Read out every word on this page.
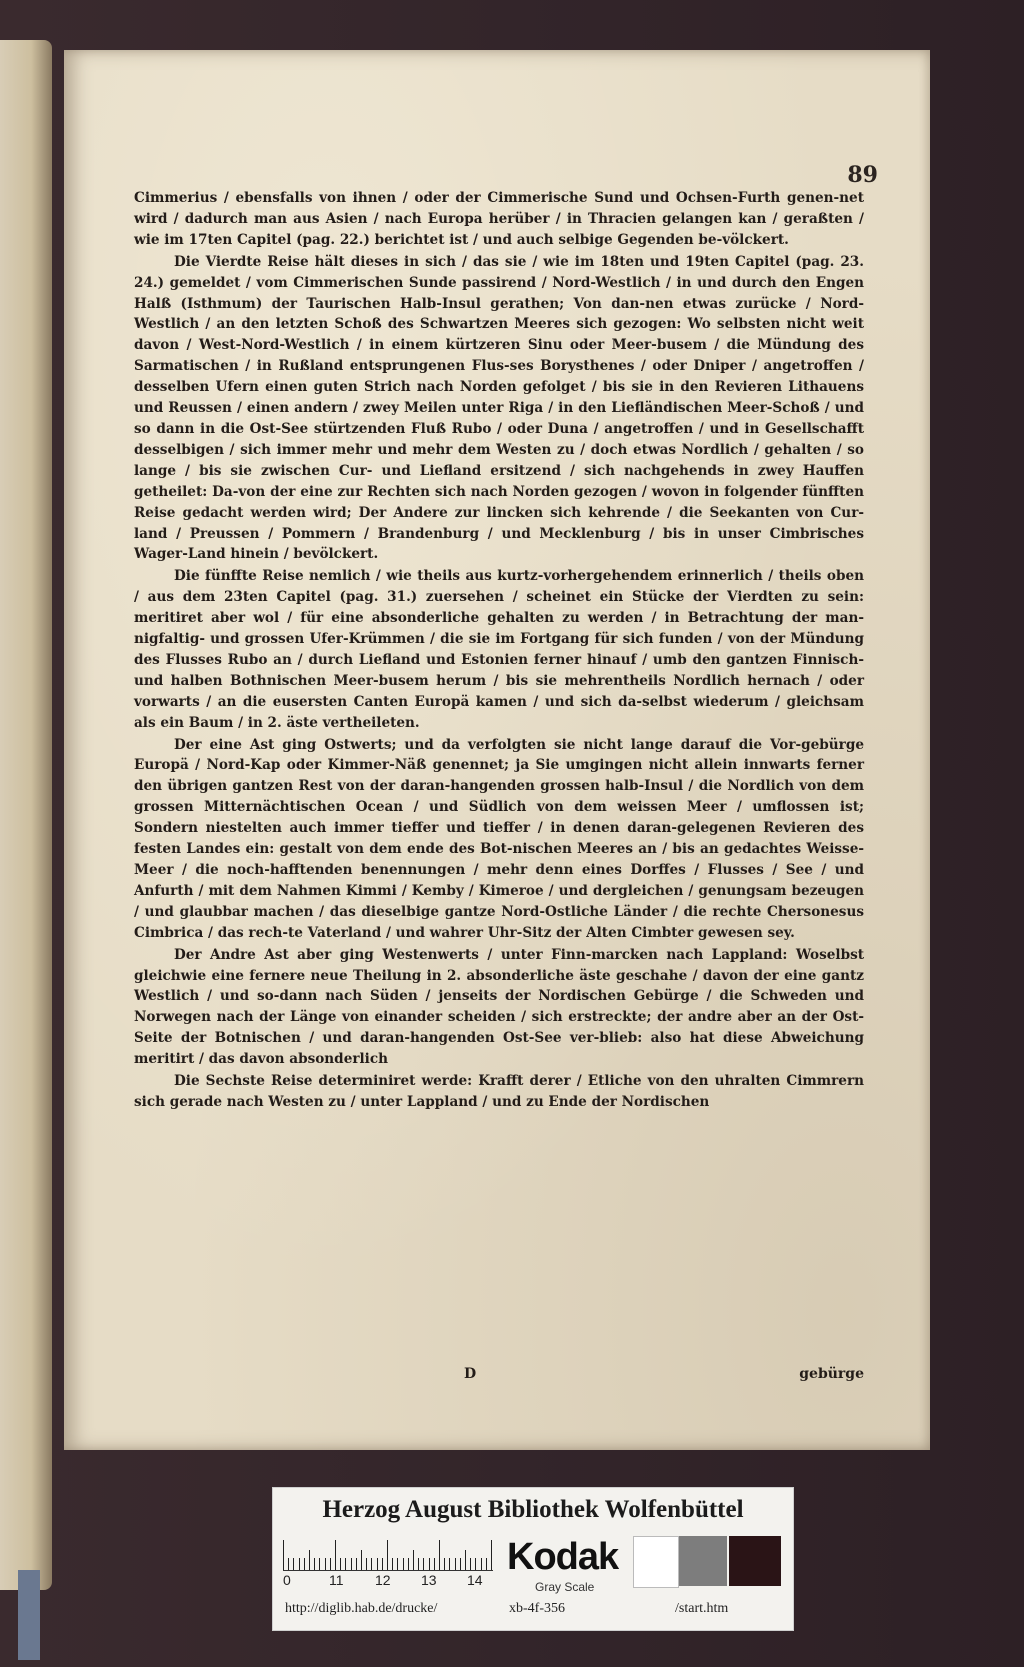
89

Cimmerius / ebensfalls von ihnen / oder der Cimmerische Sund und Ochsen-Furth genen-net wird / dadurch man aus Asien / nach Europa herüber / in Thracien gelangen kan / geraßten / wie im 17ten Capitel (pag. 22.) berichtet ist / und auch selbige Gegenden be-völckert.

Die Vierdte Reise hält dieses in sich / das sie / wie im 18ten und 19ten Capitel (pag. 23. 24.) gemeldet / vom Cimmerischen Sunde passirend / Nord-Westlich / in und durch den Engen Halß (Isthmum) der Taurischen Halb-Insul gerathen; Von dan-nen etwas zurücke / Nord-Westlich / an den letzten Schoß des Schwartzen Meeres sich gezogen: Wo selbsten nicht weit davon / West-Nord-Westlich / in einem kürtzeren Sinu oder Meer-busem / die Mündung des Sarmatischen / in Rußland entsprungenen Flus-ses Borysthenes / oder Dniper / angetroffen / desselben Ufern einen guten Strich nach Norden gefolget / bis sie in den Revieren Lithauens und Reussen / einen andern / zwey Meilen unter Riga / in den Liefländischen Meer-Schoß / und so dann in die Ost-See stürtzenden Fluß Rubo / oder Duna / angetroffen / und in Gesellschafft desselbigen / sich immer mehr und mehr dem Westen zu / doch etwas Nordlich / gehalten / so lange / bis sie zwischen Cur- und Liefland ersitzend / sich nachgehends in zwey Hauffen getheilet: Da-von der eine zur Rechten sich nach Norden gezogen / wovon in folgender fünfften Reise gedacht werden wird; Der Andere zur lincken sich kehrende / die Seekanten von Cur-land / Preussen / Pommern / Brandenburg / und Mecklenburg / bis in unser Cimbrisches Wager-Land hinein / bevölckert.

Die fünffte Reise nemlich / wie theils aus kurtz-vorhergehendem erinnerlich / theils oben / aus dem 23ten Capitel (pag. 31.) zuersehen / scheinet ein Stücke der Vierdten zu sein: meritiret aber wol / für eine absonderliche gehalten zu werden / in Betrachtung der man-nigfaltig- und grossen Ufer-Krümmen / die sie im Fortgang für sich funden / von der Mündung des Flusses Rubo an / durch Liefland und Estonien ferner hinauf / umb den gantzen Finnisch- und halben Bothnischen Meer-busem herum / bis sie mehrentheils Nordlich hernach / oder vorwarts / an die eusersten Canten Europä kamen / und sich da-selbst wiederum / gleichsam als ein Baum / in 2. äste vertheileten.

Der eine Ast ging Ostwerts; und da verfolgten sie nicht lange darauf die Vor-gebürge Europä / Nord-Kap oder Kimmer-Näß genennet; ja Sie umgingen nicht allein innwarts ferner den übrigen gantzen Rest von der daran-hangenden grossen halb-Insul / die Nordlich von dem grossen Mitternächtischen Ocean / und Südlich von dem weissen Meer / umflossen ist; Sondern niestelten auch immer tieffer und tieffer / in denen daran-gelegenen Revieren des festen Landes ein: gestalt von dem ende des Bot-nischen Meeres an / bis an gedachtes Weisse-Meer / die noch-hafftenden benennungen / mehr denn eines Dorffes / Flusses / See / und Anfurth / mit dem Nahmen Kimmi / Kemby / Kimeroe / und dergleichen / genungsam bezeugen / und glaubbar machen / das dieselbige gantze Nord-Ostliche Länder / die rechte Chersonesus Cimbrica / das rech-te Vaterland / und wahrer Uhr-Sitz der Alten Cimbter gewesen sey.

Der Andre Ast aber ging Westenwerts / unter Finn-marcken nach Lappland: Woselbst gleichwie eine fernere neue Theilung in 2. absonderliche äste geschahe / davon der eine gantz Westlich / und so-dann nach Süden / jenseits der Nordischen Gebürge / die Schweden und Norwegen nach der Länge von einander scheiden / sich erstreckte; der andre aber an der Ost-Seite der Botnischen / und daran-hangenden Ost-See ver-blieb: also hat diese Abweichung meritirt / das davon absonderlich

Die Sechste Reise determiniret werde: Krafft derer / Etliche von den uhralten Cimmrern sich gerade nach Westen zu / unter Lappland / und zu Ende der Nordischen

D	gebürge
Herzog August Bibliothek Wolfenbüttel
0	11 12 13 14
Kodak
Gray Scale
http://diglib.hab.de/drucke/	xb-4f-356	/start.htm
